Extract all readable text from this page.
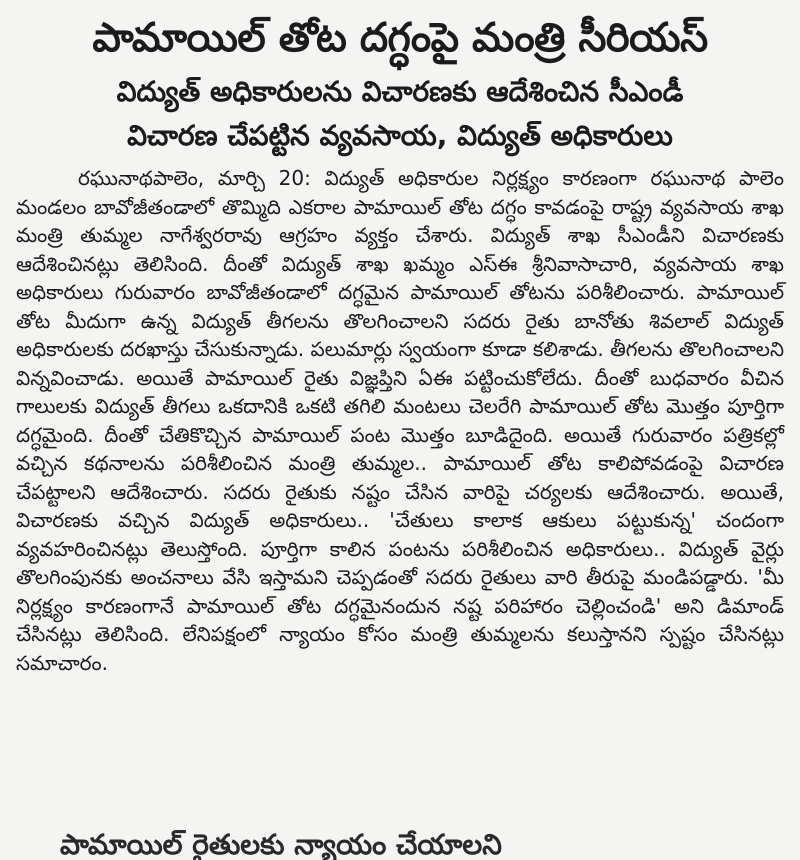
పామాయిల్ తోట దగ్ధంపై మంత్రి సీరియస్
విద్యుత్ అధికారులను విచారణకు ఆదేశించిన సీఎండీ
విచారణ చేపట్టిన వ్యవసాయ, విద్యుత్ అధికారులు

రఘునాథపాలెం, మార్చి 20: విద్యుత్ అధికారుల నిర్లక్ష్యం కారణంగా రఘునాథ పాలెం మండలం బావోజీతండాలో తొమ్మిది ఎకరాల పామాయిల్ తోట దగ్ధం కావడంపై రాష్ట్ర వ్యవసాయ శాఖ మంత్రి తుమ్మల నాగేశ్వరరావు ఆగ్రహం వ్యక్తం చేశారు. విద్యుత్ శాఖ సీఎండీని విచారణకు ఆదేశించినట్లు తెలిసింది. దీంతో విద్యుత్ శాఖ ఖమ్మం ఎస్ఈ శ్రీనివాసాచారి, వ్యవసాయ శాఖ అధికారులు గురువారం బావోజీతండాలో దగ్ధమైన పామాయిల్ తోటను పరిశీలించారు. పామాయిల్ తోట మీదుగా ఉన్న విద్యుత్ తీగలను తొలగించాలని సదరు రైతు బానోతు శివలాల్ విద్యుత్ అధికారులకు దరఖాస్తు చేసుకున్నాడు. పలుమార్లు స్వయంగా కూడా కలిశాడు. తీగలను తొలగించాలని విన్నవించాడు. అయితే పామాయిల్ రైతు విజ్ఞప్తిని ఏఈ పట్టించుకోలేదు. దీంతో బుధవారం వీచిన గాలులకు విద్యుత్ తీగలు ఒకదానికి ఒకటి తగిలి మంటలు చెలరేగి పామాయిల్ తోట మొత్తం పూర్తిగా దగ్ధమైంది. దీంతో చేతికొచ్చిన పామాయిల్ పంట మొత్తం బూడిదైంది. అయితే గురువారం పత్రికల్లో వచ్చిన కథనాలను పరిశీలించిన మంత్రి తుమ్మల.. పామాయిల్ తోట కాలిపోవడంపై విచారణ చేపట్టాలని ఆదేశించారు. సదరు రైతుకు నష్టం చేసిన వారిపై చర్యలకు ఆదేశించారు. అయితే, విచారణకు వచ్చిన విద్యుత్ అధికారులు.. 'చేతులు కాలాక ఆకులు పట్టుకున్న' చందంగా వ్యవహరించినట్లు తెలుస్తోంది. పూర్తిగా కాలిన పంటను పరిశీలించిన అధికారులు.. విద్యుత్ వైర్లు తొలగింపునకు అంచనాలు వేసి ఇస్తామని చెప్పడంతో సదరు రైతులు వారి తీరుపై మండిపడ్డారు. 'మీ నిర్లక్ష్యం కారణంగానే పామాయిల్ తోట దగ్ధమైనందున నష్ట పరిహారం చెల్లించండి' అని డిమాండ్ చేసినట్లు తెలిసింది. లేనిపక్షంలో న్యాయం కోసం మంత్రి తుమ్మలను కలుస్తానని స్పష్టం చేసినట్లు సమాచారం.

పామాయిల్ రైతులకు న్యాయం చేయాలని
